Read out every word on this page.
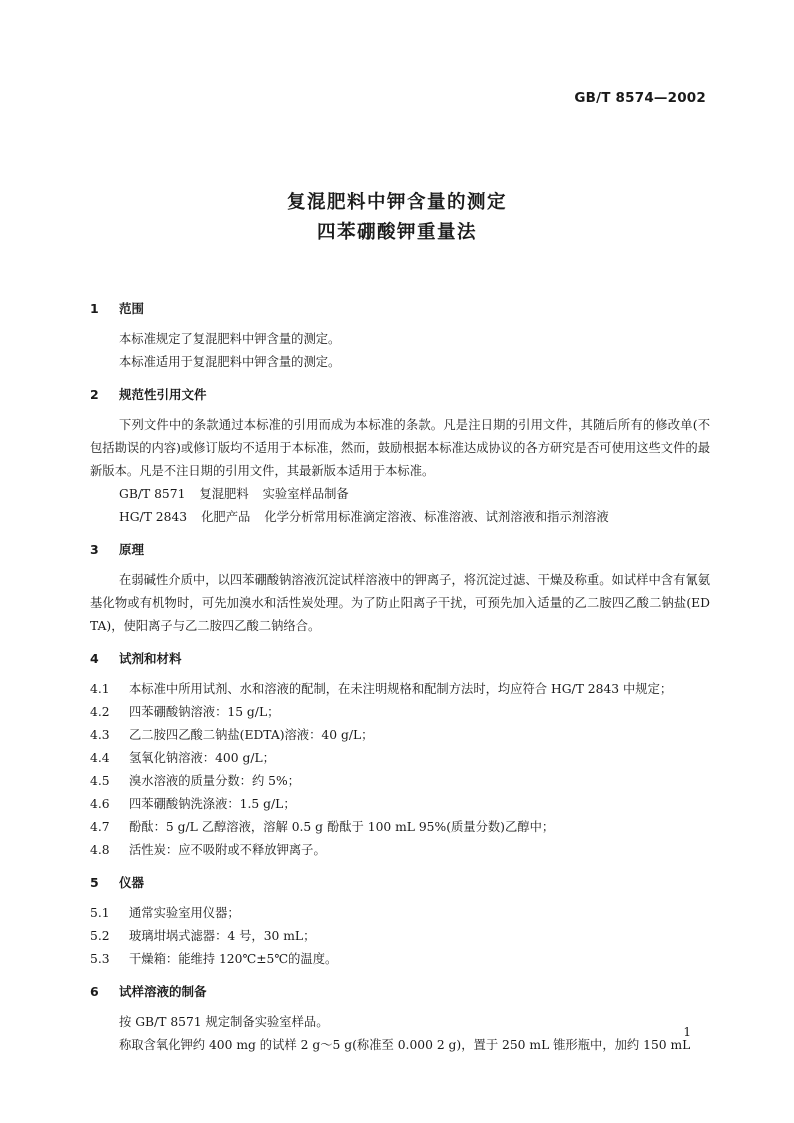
GB/T 8574—2002
复混肥料中钾含量的测定
四苯硼酸钾重量法
1 范围
本标准规定了复混肥料中钾含量的测定。
本标准适用于复混肥料中钾含量的测定。
2 规范性引用文件
下列文件中的条款通过本标准的引用而成为本标准的条款。凡是注日期的引用文件，其随后所有的修改单(不包括勘误的内容)或修订版均不适用于本标准，然而，鼓励根据本标准达成协议的各方研究是否可使用这些文件的最新版本。凡是不注日期的引用文件，其最新版本适用于本标准。
GB/T 8571 复混肥料 实验室样品制备
HG/T 2843 化肥产品 化学分析常用标准滴定溶液、标准溶液、试剂溶液和指示剂溶液
3 原理
在弱碱性介质中，以四苯硼酸钠溶液沉淀试样溶液中的钾离子，将沉淀过滤、干燥及称重。如试样中含有氰氨基化物或有机物时，可先加溴水和活性炭处理。为了防止阳离子干扰，可预先加入适量的乙二胺四乙酸二钠盐(EDTA)，使阳离子与乙二胺四乙酸二钠络合。
4 试剂和材料
4.1 本标准中所用试剂、水和溶液的配制，在未注明规格和配制方法时，均应符合 HG/T 2843 中规定；
4.2 四苯硼酸钠溶液：15 g/L；
4.3 乙二胺四乙酸二钠盐(EDTA)溶液：40 g/L；
4.4 氢氧化钠溶液：400 g/L；
4.5 溴水溶液的质量分数：约 5%；
4.6 四苯硼酸钠洗涤液：1.5 g/L；
4.7 酚酞：5 g/L 乙醇溶液，溶解 0.5 g 酚酞于 100 mL 95%(质量分数)乙醇中；
4.8 活性炭：应不吸附或不释放钾离子。
5 仪器
5.1 通常实验室用仪器；
5.2 玻璃坩埚式滤器：4 号，30 mL；
5.3 干燥箱：能维持 120℃±5℃的温度。
6 试样溶液的制备
按 GB/T 8571 规定制备实验室样品。
称取含氧化钾约 400 mg 的试样 2 g～5 g(称准至 0.000 2 g)，置于 250 mL 锥形瓶中，加约 150 mL
1
